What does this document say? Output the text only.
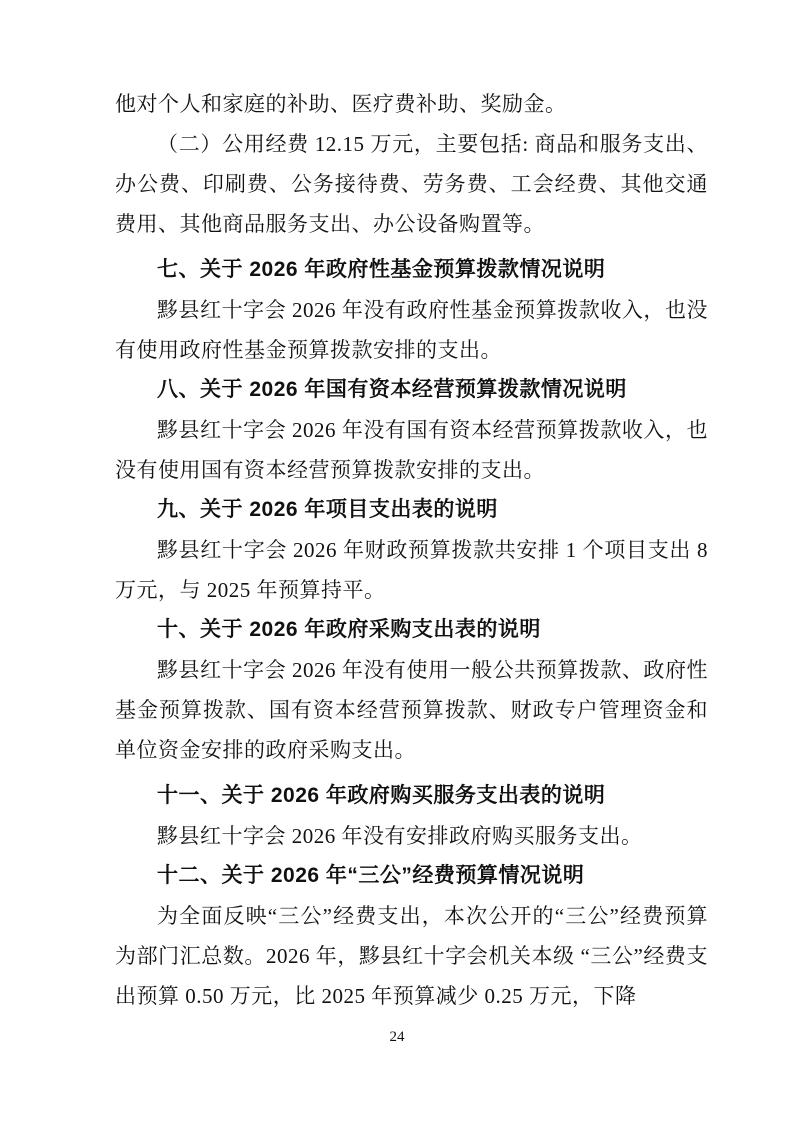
他对个人和家庭的补助、医疗费补助、奖励金。

（二）公用经费 12.15 万元，主要包括: 商品和服务支出、办公费、印刷费、公务接待费、劳务费、工会经费、其他交通费用、其他商品服务支出、办公设备购置等。

七、关于 2026 年政府性基金预算拨款情况说明

黟县红十字会 2026 年没有政府性基金预算拨款收入，也没有使用政府性基金预算拨款安排的支出。

八、关于 2026 年国有资本经营预算拨款情况说明

黟县红十字会 2026 年没有国有资本经营预算拨款收入，也没有使用国有资本经营预算拨款安排的支出。

九、关于 2026 年项目支出表的说明

黟县红十字会 2026 年财政预算拨款共安排 1 个项目支出 8 万元，与 2025 年预算持平。

十、关于 2026 年政府采购支出表的说明

黟县红十字会 2026 年没有使用一般公共预算拨款、政府性基金预算拨款、国有资本经营预算拨款、财政专户管理资金和单位资金安排的政府采购支出。

十一、关于 2026 年政府购买服务支出表的说明

黟县红十字会 2026 年没有安排政府购买服务支出。

十二、关于 2026 年“三公”经费预算情况说明

为全面反映“三公”经费支出，本次公开的“三公”经费预算为部门汇总数。2026 年，黟县红十字会机关本级 “三公”经费支出预算 0.50 万元，比 2025 年预算减少 0.25 万元，下降

24
